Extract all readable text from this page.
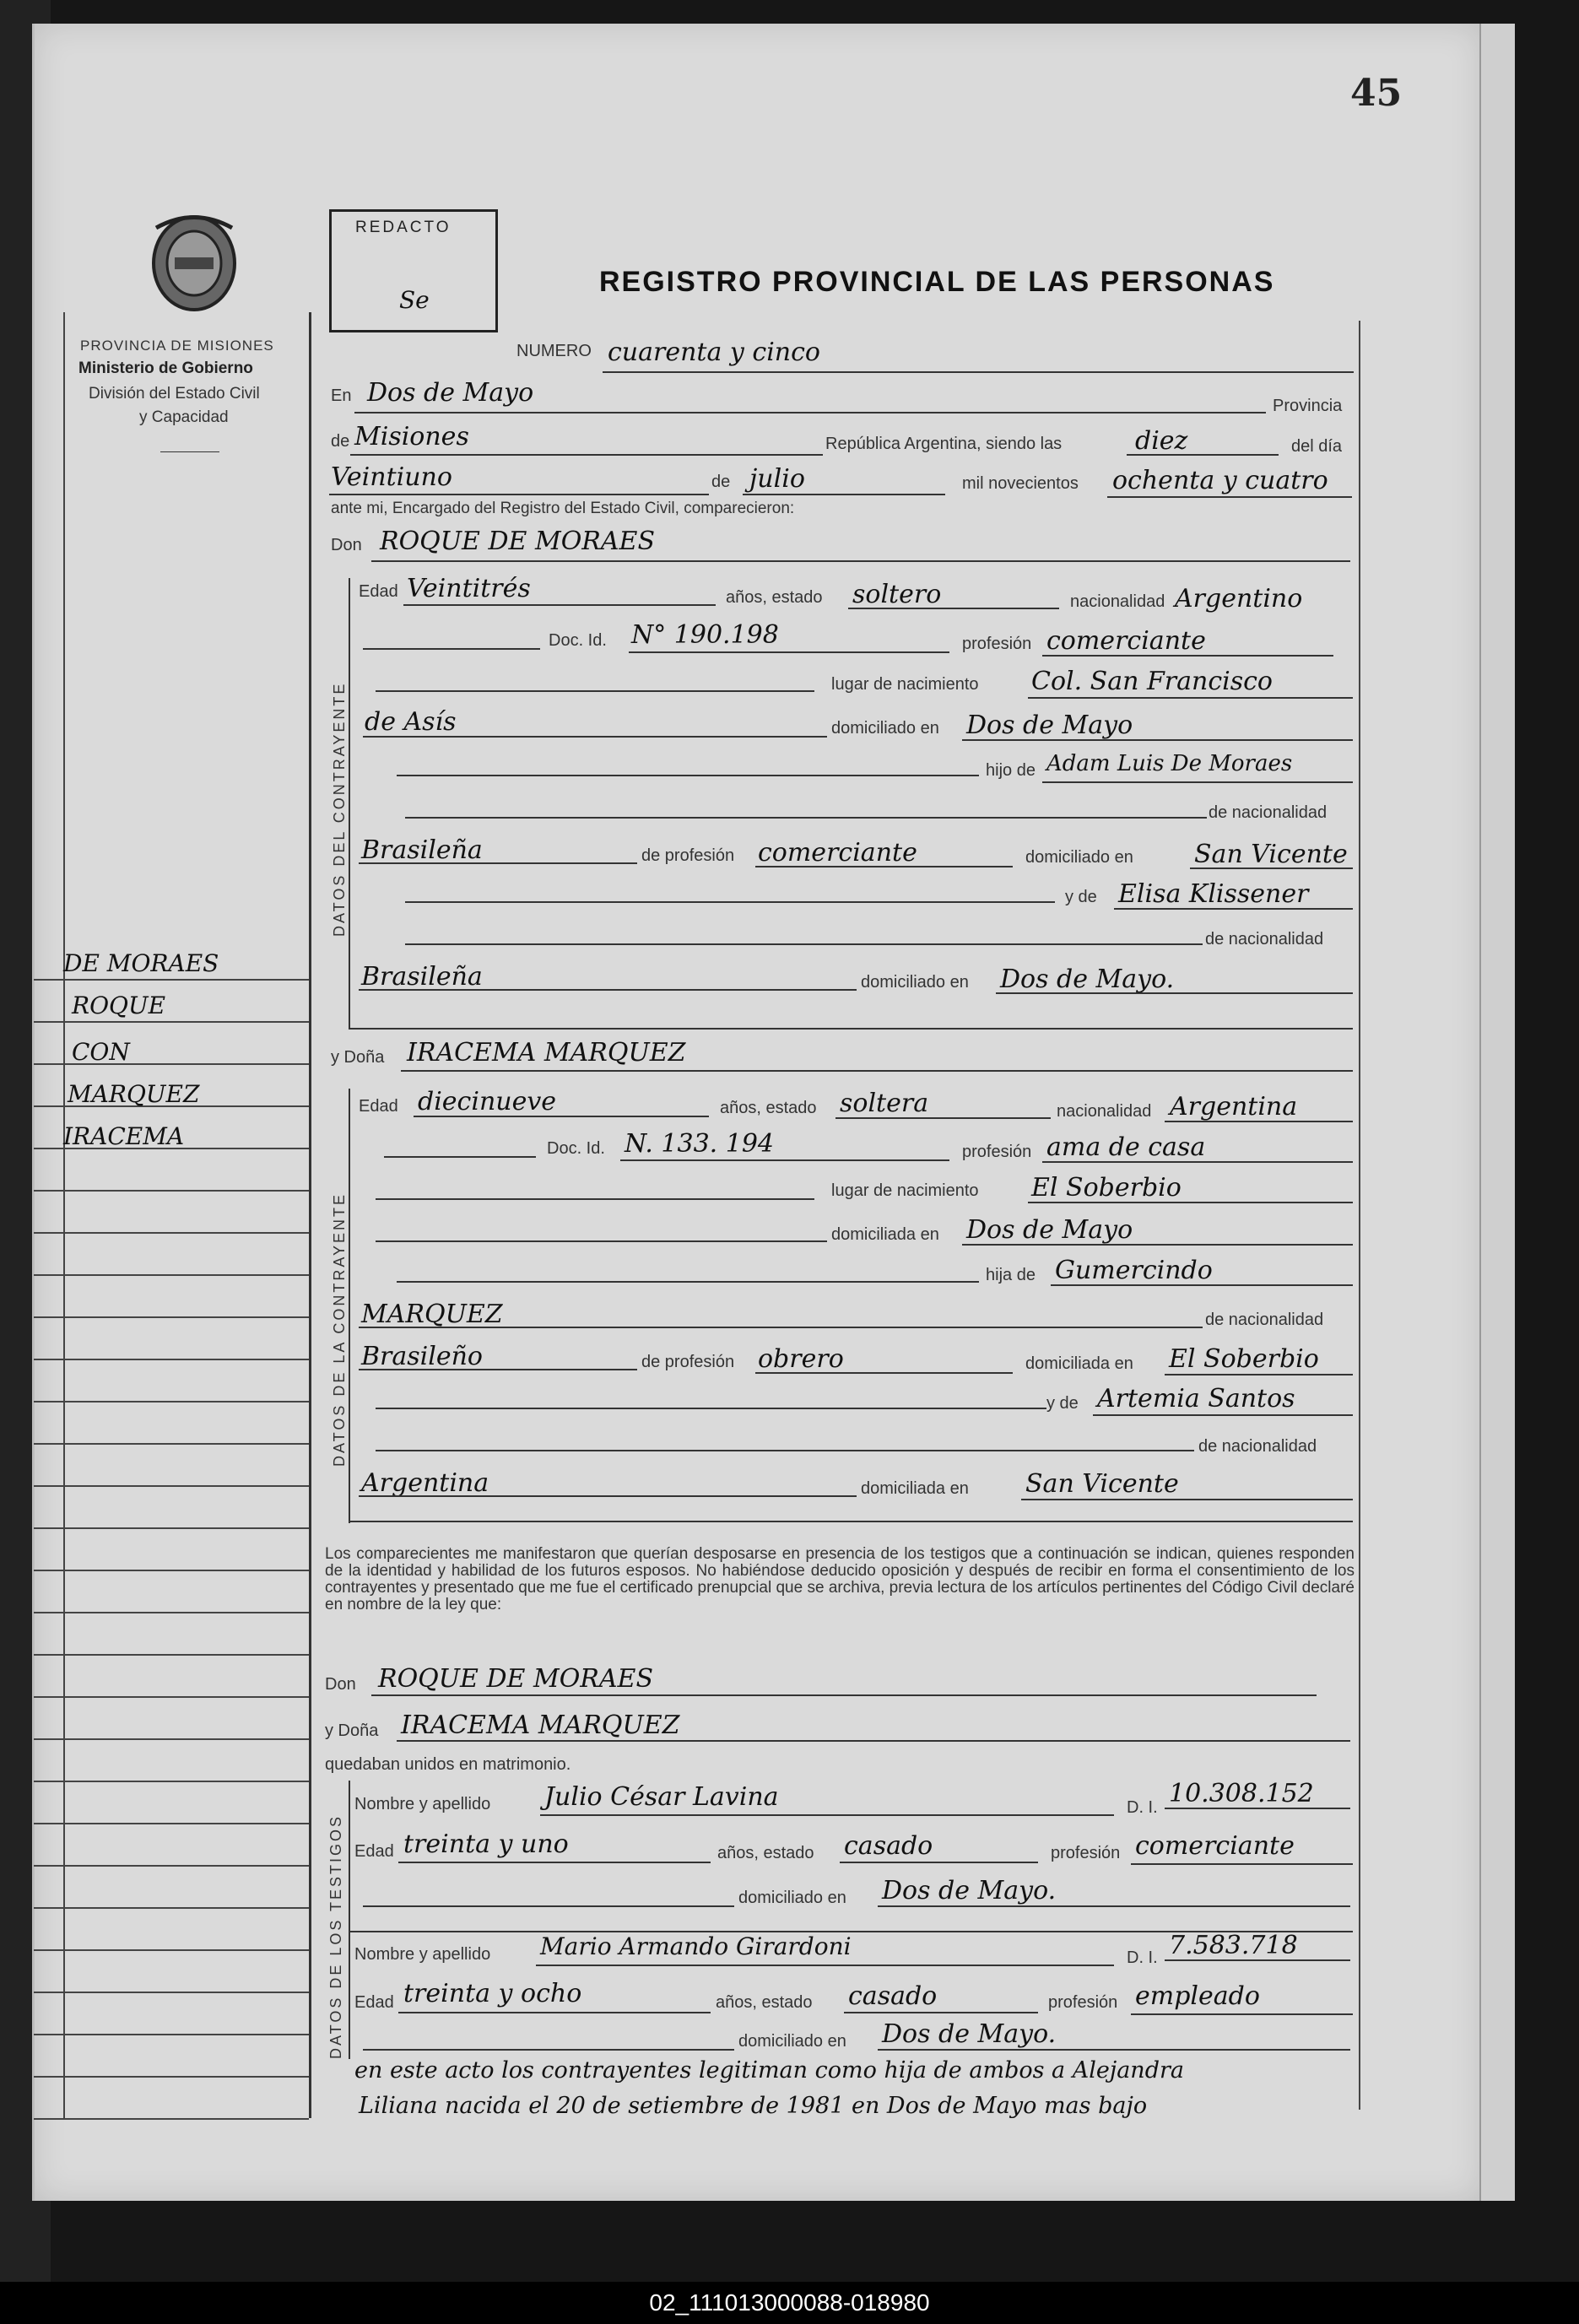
45
PROVINCIA DE MISIONES
Ministerio de Gobierno
División del Estado Civil
y Capacidad
REDACTO
Se
REGISTRO PROVINCIAL DE LAS PERSONAS
DE MORAES
ROQUE
CON
MARQUEZ
IRACEMA
NUMERO cuarenta y cinco
En Dos de Mayo	Provincia
de Misiones	República Argentina, siendo las	diez	del día
Veintiuno	de julio	mil novecientos ochenta y cuatro
ante mi, Encargado del Registro del Estado Civil, comparecieron:
Don ROQUE DE MORAES
DATOS DEL CONTRAYENTE
Edad Veintitrés	años, estado soltero	nacionalidad Argentino
Doc. Id. N° 190.198	profesión comerciante
lugar de nacimiento Col. San Francisco
de Asís	domiciliado en Dos de Mayo
hijo de Adam Luis De Moraes
de nacionalidad
Brasileña	de profesión comerciante	domiciliado en San Vicente
y de Elisa Klissener
de nacionalidad
Brasileña	domiciliado en Dos de Mayo.
y Doña IRACEMA MARQUEZ
DATOS DE LA CONTRAYENTE
Edad diecinueve	años, estado soltera	nacionalidad Argentina
Doc. Id. N. 133. 194	profesión ama de casa
lugar de nacimiento El Soberbio
domiciliada en Dos de Mayo
hija de Gumercindo
MARQUEZ	de nacionalidad
Brasileño	de profesión obrero	domiciliada en El Soberbio
y de Artemia Santos
de nacionalidad
Argentina	domiciliada en San Vicente
Los comparecientes me manifestaron que querían desposarse en presencia de los testigos que a continuación se indican, quienes responden de la identidad y habilidad de los futuros esposos. No habiéndose deducido oposición y después de recibir en forma el consentimiento de los contrayentes y presentado que me fue el certificado prenupcial que se archiva, previa lectura de los artículos pertinentes del Código Civil declaré en nombre de la ley que:
Don ROQUE DE MORAES
y Doña IRACEMA MARQUEZ
quedaban unidos en matrimonio.
DATOS DE LOS TESTIGOS
Nombre y apellido Julio César Lavina	D. I. 10.308.152
Edad treinta y uno	años, estado casado	profesión comerciante
domiciliado en Dos de Mayo.
Nombre y apellido Mario Armando Girardoni	D. I. 7.583.718
Edad treinta y ocho	años, estado casado	profesión empleado
domiciliado en Dos de Mayo.
en este acto los contrayentes legitiman como hija de ambos a Alejandra
Liliana nacida el 20 de setiembre de 1981 en Dos de Mayo mas bajo
02_111013000088-018980
